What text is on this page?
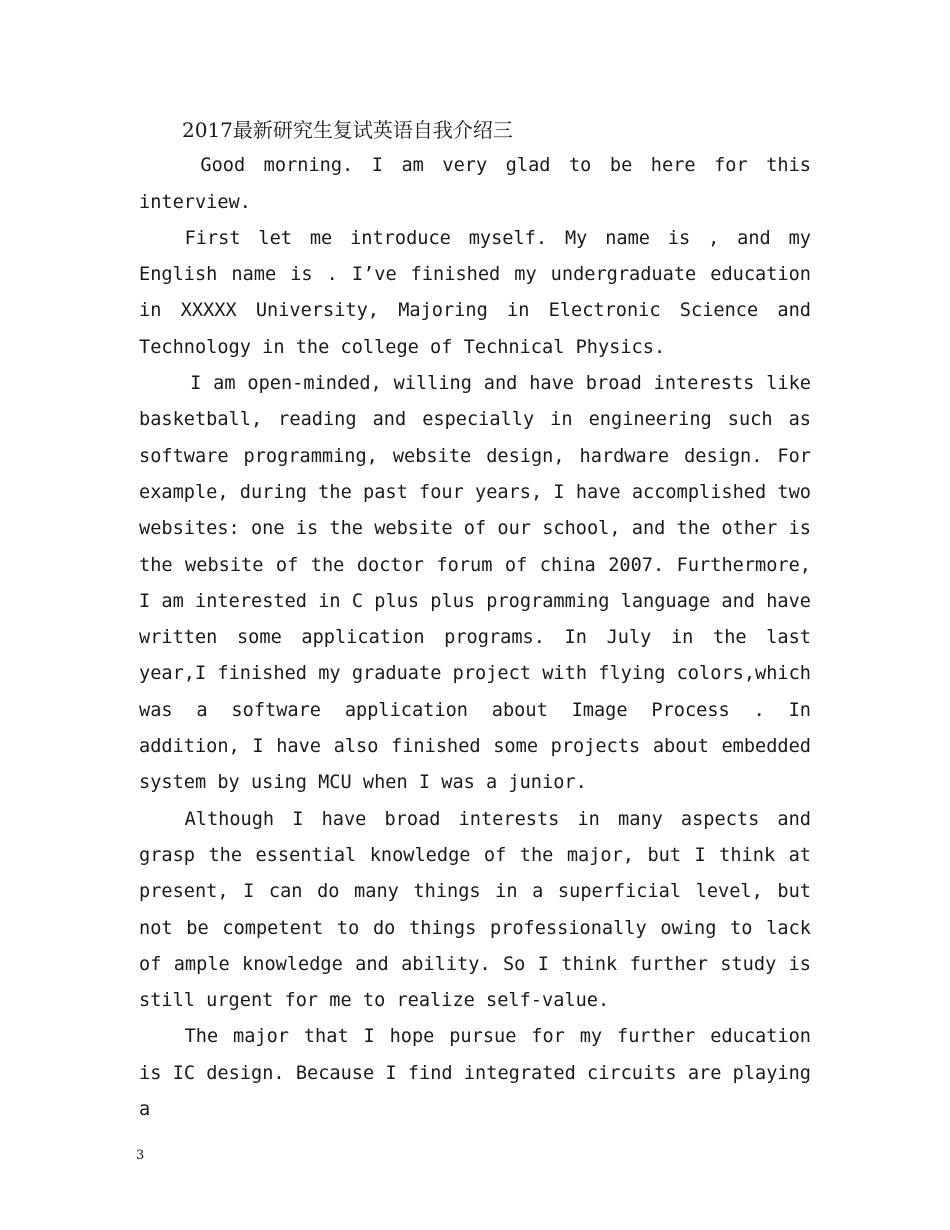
2017最新研究生复试英语自我介绍三

Good morning. I am very glad to be here for this interview.

First let me introduce myself. My name is , and my English name is . I’ve finished my undergraduate education in XXXXX University, Majoring in Electronic Science and Technology in the college of Technical Physics.

I am open-minded, willing and have broad interests like basketball, reading and especially in engineering such as software programming, website design, hardware design. For example, during the past four years, I have accomplished two websites: one is the website of our school, and the other is the website of the doctor forum of china 2007. Furthermore, I am interested in C plus plus programming language and have written some application programs. In July in the last year,I finished my graduate project with flying colors,which was a software application about Image Process . In addition, I have also finished some projects about embedded system by using MCU when I was a junior.

Although I have broad interests in many aspects and grasp the essential knowledge of the major, but I think at present, I can do many things in a superficial level, but not be competent to do things professionally owing to lack of ample knowledge and ability. So I think further study is still urgent for me to realize self-value.

The major that I hope pursue for my further education is IC design. Because I find integrated circuits are playing a

3
